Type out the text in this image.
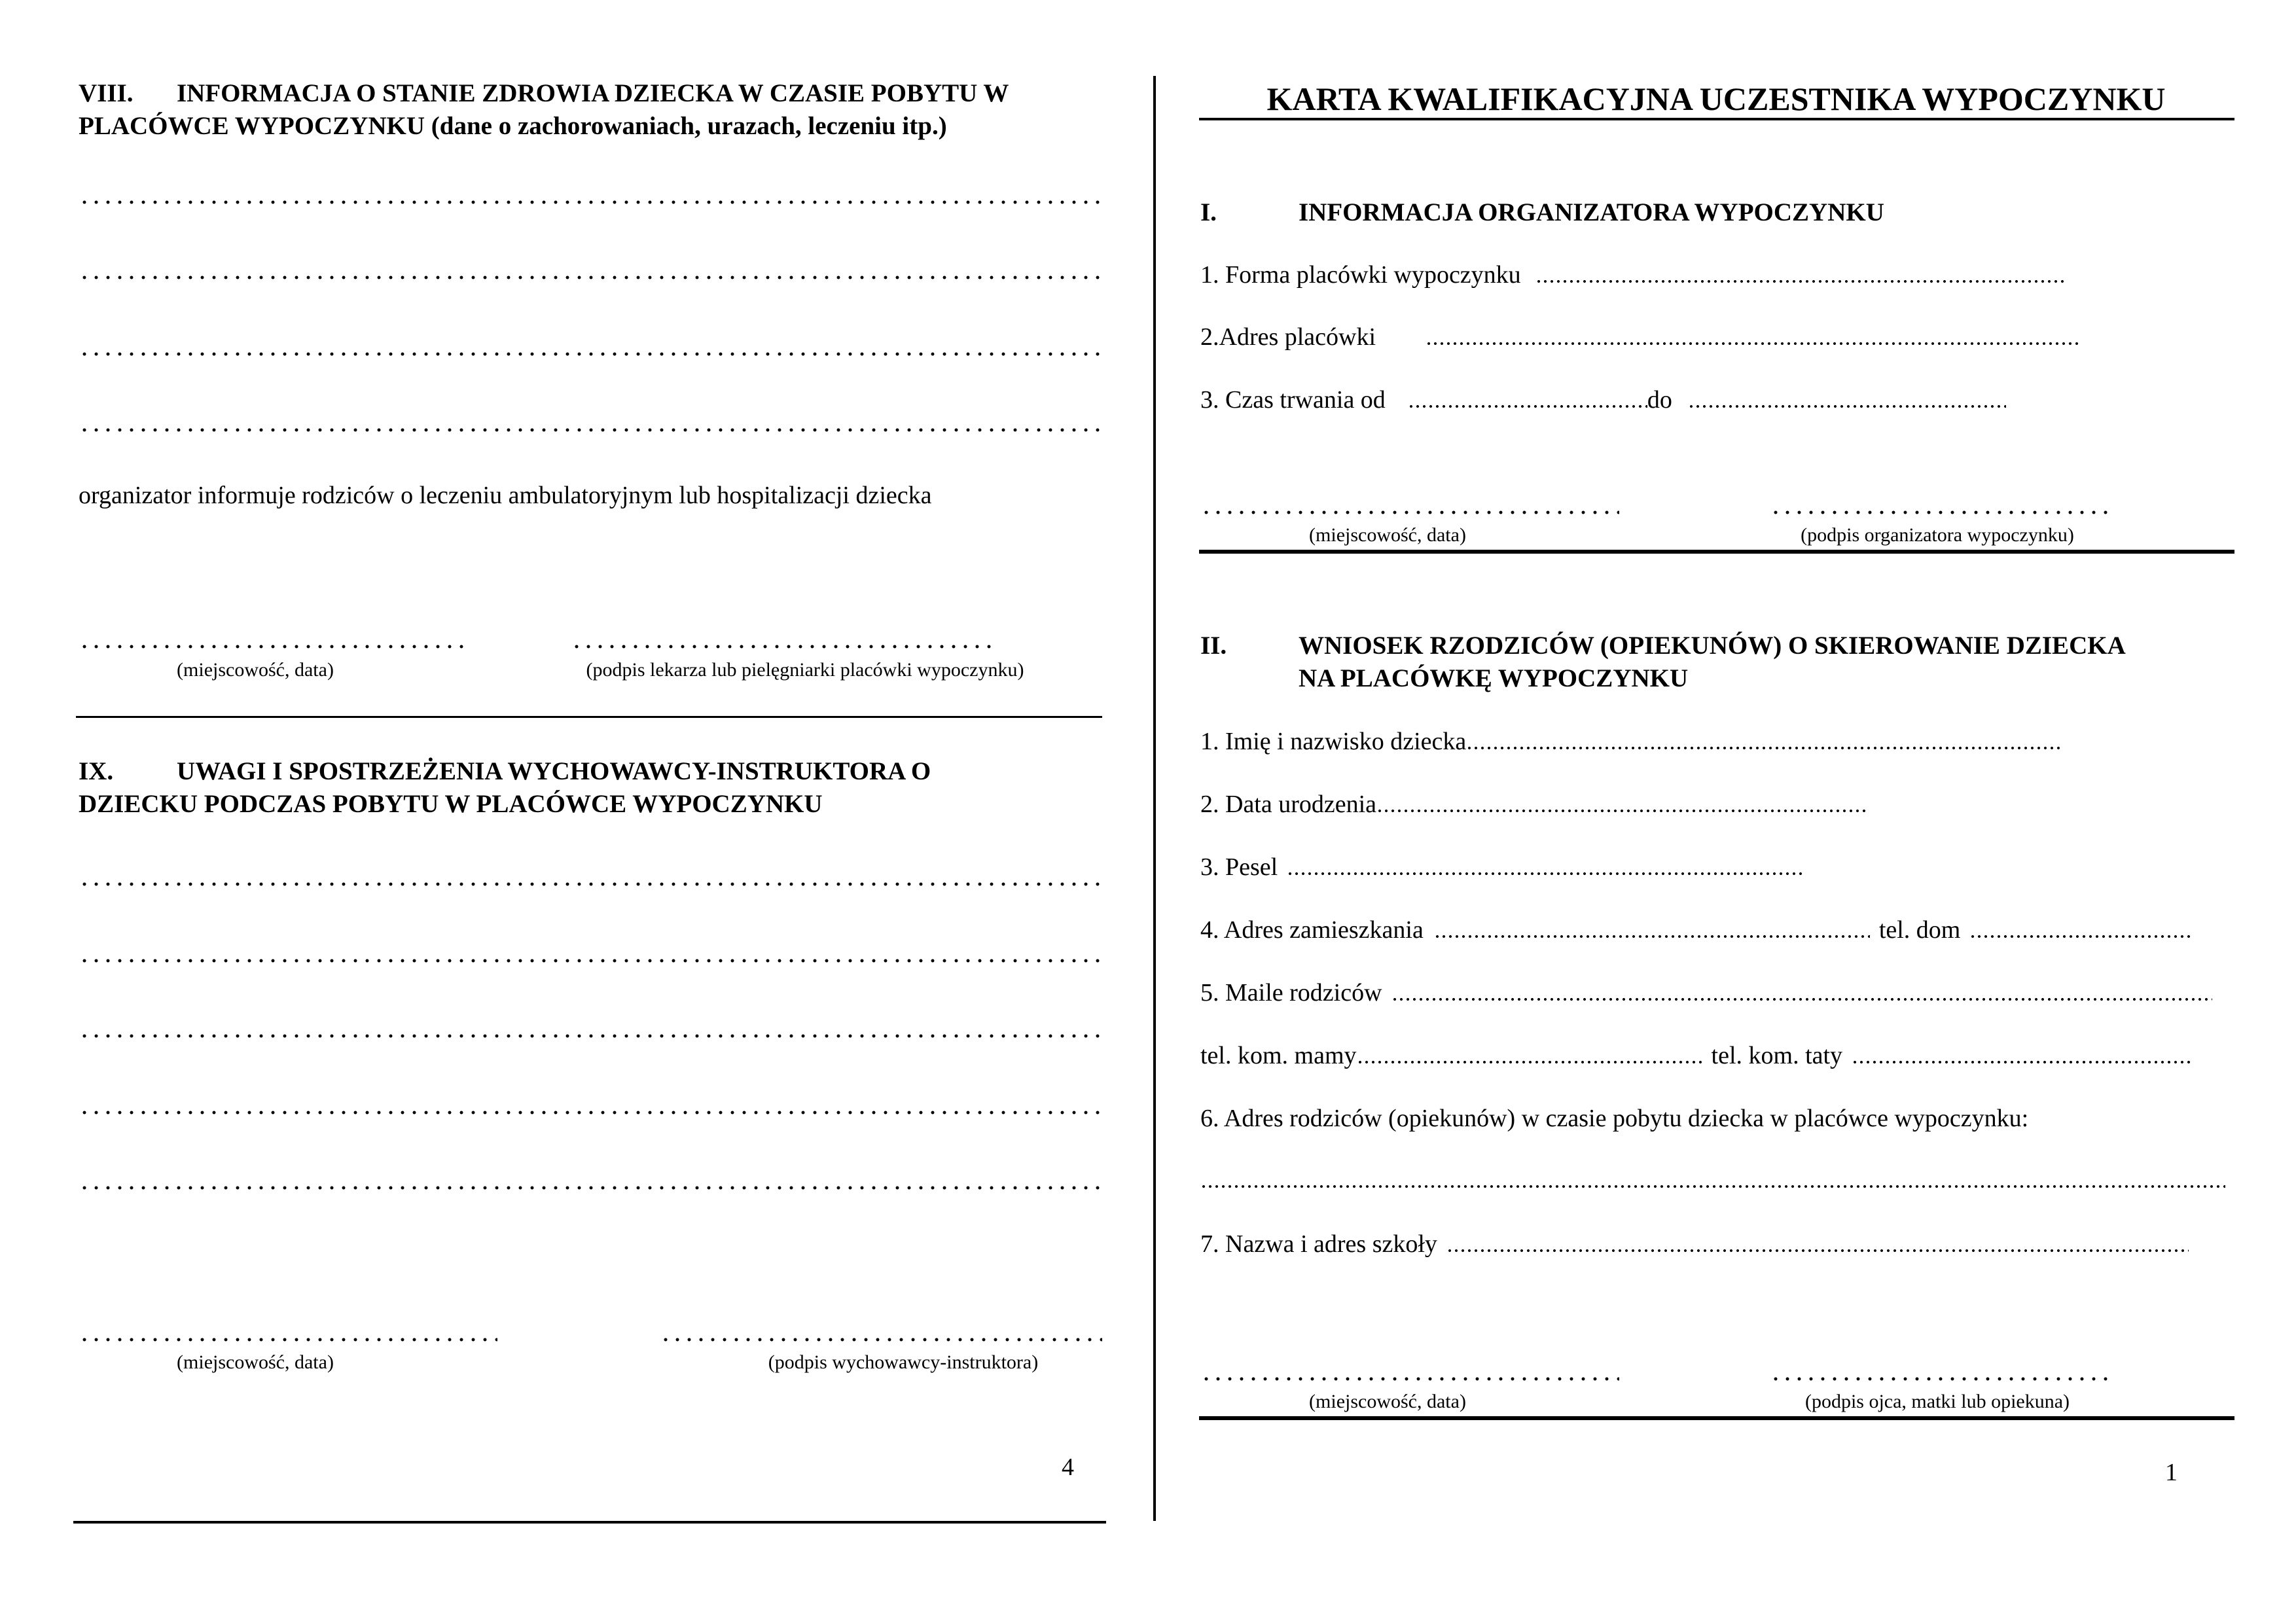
VIII. INFORMACJA O STANIE ZDROWIA DZIECKA W CZASIE POBYTU W
PLACÓWCE WYPOCZYNKU (dane o zachorowaniach, urazach, leczeniu itp.)
organizator informuje rodziców o leczeniu ambulatoryjnym lub hospitalizacji dziecka
(miejscowość, data)	(podpis lekarza lub pielęgniarki placówki wypoczynku)
IX. UWAGI I SPOSTRZEŻENIA WYCHOWAWCY-INSTRUKTORA O
DZIECKU PODCZAS POBYTU W PLACÓWCE WYPOCZYNKU
(miejscowość, data)	(podpis wychowawcy-instruktora)
4
KARTA KWALIFIKACYJNA UCZESTNIKA WYPOCZYNKU
I.	INFORMACJA ORGANIZATORA WYPOCZYNKU
1. Forma placówki wypoczynku
2.Adres placówki
3. Czas trwania od	do
(miejscowość, data)	(podpis organizatora wypoczynku)
II.	WNIOSEK RZODZICÓW (OPIEKUNÓW) O SKIEROWANIE DZIECKA
NA PLACÓWKĘ WYPOCZYNKU
1. Imię i nazwisko dziecka
2. Data urodzenia
3. Pesel
4. Adres zamieszkania	tel. dom
5. Maile rodziców
tel. kom. mamy	tel. kom. taty
6. Adres rodziców (opiekunów) w czasie pobytu dziecka w placówce wypoczynku:
7. Nazwa i adres szkoły
(miejscowość, data)	(podpis ojca, matki lub opiekuna)
1
